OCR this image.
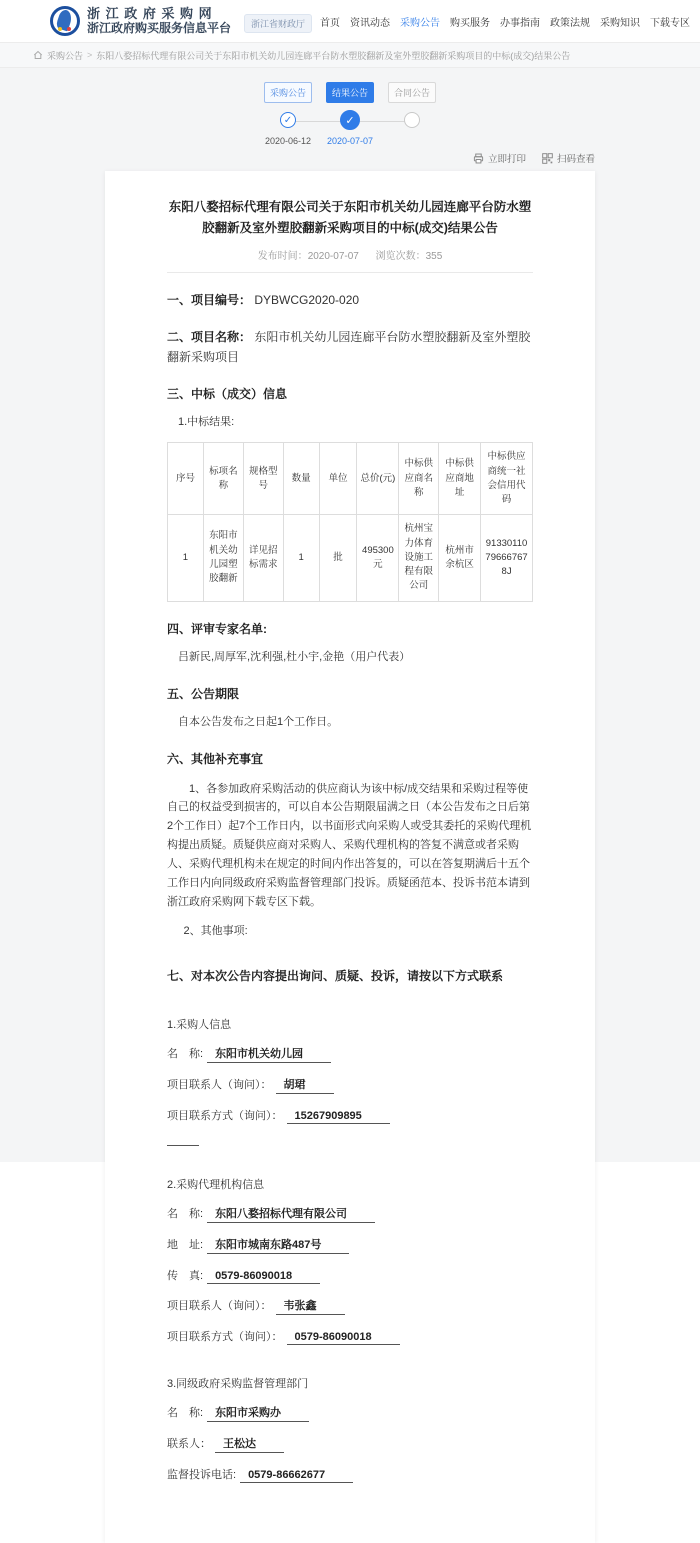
浙 江 政 府 采 购 网
浙江政府购买服务信息平台	浙江省财政厅	首页 资讯动态 采购公告 购买服务 办事指南 政策法规 采购知识 下载专区
采购公告 > 东阳八婺招标代理有限公司关于东阳市机关幼儿园连廊平台防水塑胶翻新及室外塑胶翻新采购项目的中标(成交)结果公告
采购公告
✓
2020-06-12
结果公告
✓
2020-07-07
合同公告
立即打印	扫码查看
东阳八婺招标代理有限公司关于东阳市机关幼儿园连廊平台防水塑胶翻新及室外塑胶翻新采购项目的中标(成交)结果公告
发布时间：2020-07-07 浏览次数：355
一、项目编号： DYBWCG2020-020
二、项目名称： 东阳市机关幼儿园连廊平台防水塑胶翻新及室外塑胶翻新采购项目
三、中标（成交）信息
1.中标结果:
序号	标项名称	规格型号	数量	单位	总价(元)	中标供应商名称	中标供应商地址	中标供应商统一社会信用代码
1	东阳市机关幼儿园塑胶翻新	详见招标需求	1	批	495300元	杭州宝力体育设施工程有限公司	杭州市余杭区	91330110796667678J
四、评审专家名单:
吕新民,周厚军,沈利强,杜小宇,金艳（用户代表）
五、公告期限
自本公告发布之日起1个工作日。
六、其他补充事宜

1、各参加政府采购活动的供应商认为该中标/成交结果和采购过程等使自己的权益受到损害的，可以自本公告期限届满之日（本公告发布之日后第2个工作日）起7个工作日内，以书面形式向采购人或受其委托的采购代理机构提出质疑。质疑供应商对采购人、采购代理机构的答复不满意或者采购人、采购代理机构未在规定的时间内作出答复的，可以在答复期满后十五个工作日内向同级政府采购监督管理部门投诉。质疑函范本、投诉书范本请到浙江政府采购网下载专区下载。

2、其他事项:

七、对本次公告内容提出询问、质疑、投诉，请按以下方式联系
1.采购人信息
名　称:	东阳市机关幼儿园
项目联系人（询问）：	胡珺
项目联系方式（询问）：	15267909895
2.采购代理机构信息
名　称:	东阳八婺招标代理有限公司
地　址:	东阳市城南东路487号
传　真:	0579-86090018
项目联系人（询问）：	韦张鑫
项目联系方式（询问）：	0579-86090018
3.同级政府采购监督管理部门
名　称:	东阳市采购办
联系人：	王松达
监督投诉电话:	0579-86662677
